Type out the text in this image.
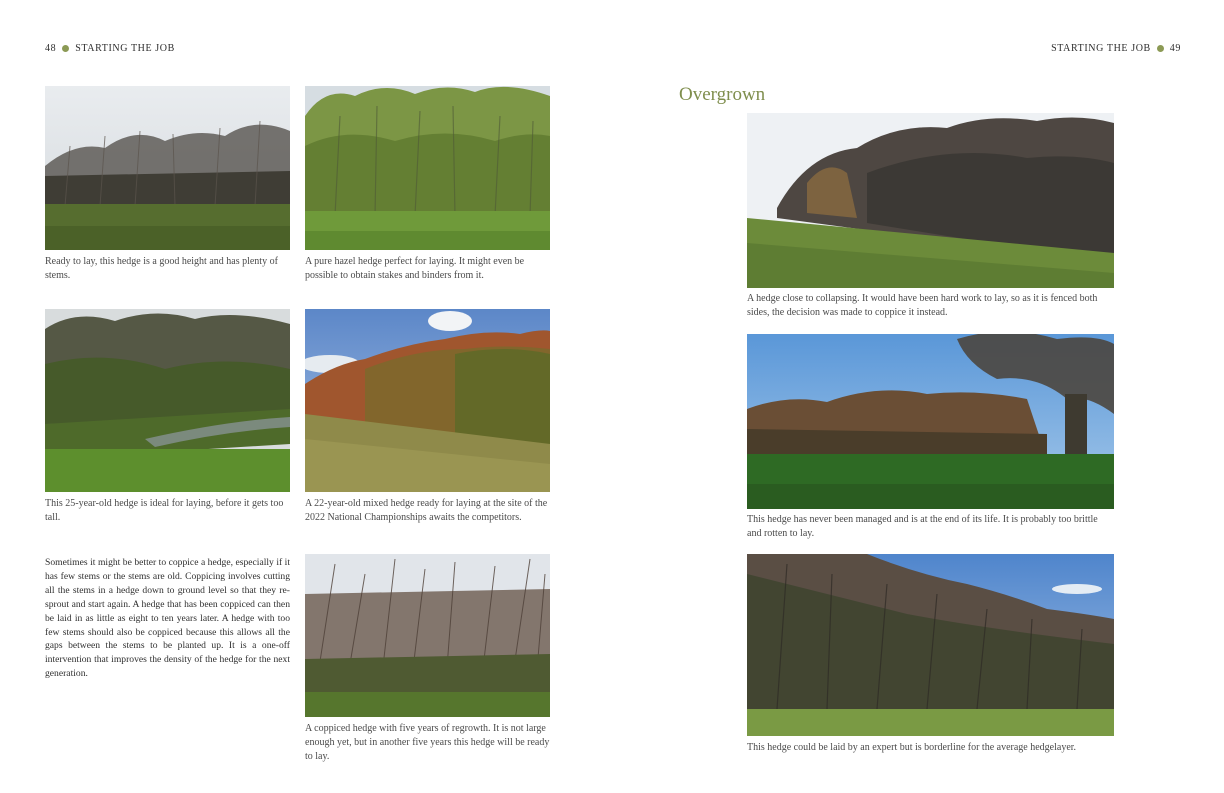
48 STARTING THE JOB	STARTING THE JOB 49
Ready to lay, this hedge is a good height and has plenty of stems.
A pure hazel hedge perfect for laying. It might even be possible to obtain stakes and binders from it.
This 25-year-old hedge is ideal for laying, before it gets too tall.
A 22-year-old mixed hedge ready for laying at the site of the 2022 National Championships awaits the competitors.
Sometimes it might be better to coppice a hedge, especially if it has few stems or the stems are old. Coppicing involves cutting all the stems in a hedge down to ground level so that they re-sprout and start again. A hedge that has been coppiced can then be laid in as little as eight to ten years later. A hedge with too few stems should also be coppiced because this allows all the gaps between the stems to be planted up. It is a one-off intervention that improves the density of the hedge for the next generation.
A coppiced hedge with five years of regrowth. It is not large enough yet, but in another five years this hedge will be ready to lay.
Overgrown
A hedge close to collapsing. It would have been hard work to lay, so as it is fenced both sides, the decision was made to coppice it instead.
This hedge has never been managed and is at the end of its life. It is probably too brittle and rotten to lay.
This hedge could be laid by an expert but is borderline for the average hedgelayer.
